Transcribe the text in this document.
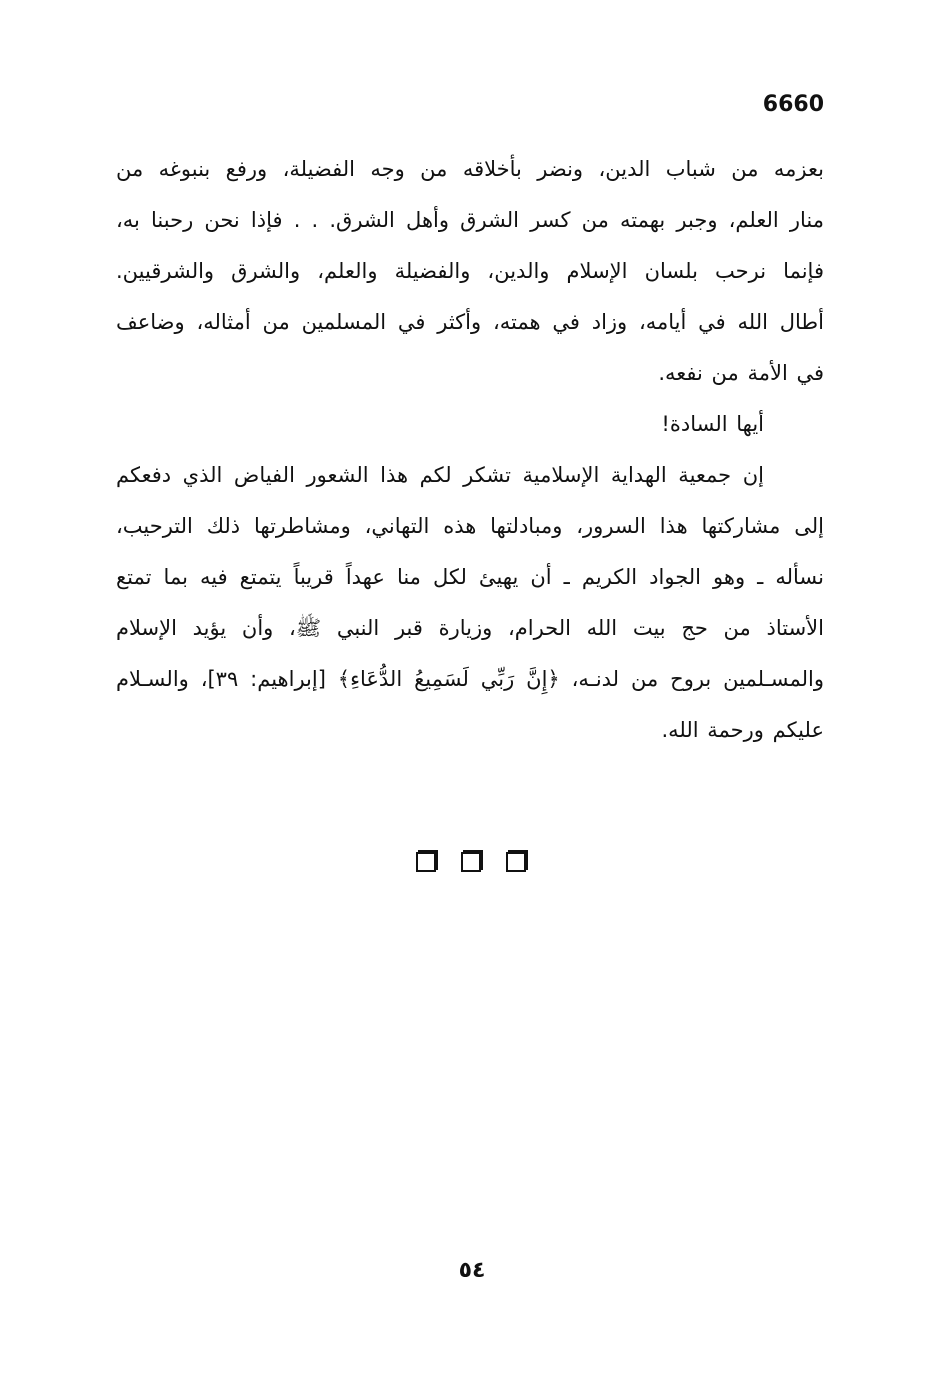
6660
بعزمه من شباب الدين، ونضر بأخلاقه من وجه الفضيلة، ورفع بنبوغه من
منار العلم، وجبر بهمته من كسر الشرق وأهل الشرق. . . فإذا نحن رحبنا به،
فإنما نرحب بلسان الإسلام والدين، والفضيلة والعلم، والشرق والشرقيين.
أطال الله في أيامه، وزاد في همته، وأكثر في المسلمين من أمثاله، وضاعف
في الأمة من نفعه.
أيها السادة!
إن جمعية الهداية الإسلامية تشكر لكم هذا الشعور الفياض الذي دفعكم
إلى مشاركتها هذا السرور، ومبادلتها هذه التهاني، ومشاطرتها ذلك الترحيب،
نسأله ـ وهو الجواد الكريم ـ أن يهيئ لكل منا عهداً قريباً يتمتع فيه بما تمتع
الأستاذ من حج بيت الله الحرام، وزيارة قبر النبي ﷺ، وأن يؤيد الإسلام
والمسـلمين بروح من لدنـه، ﴿إِنَّ رَبِّي لَسَمِيعُ الدُّعَاءِ﴾ [إبراهيم: ٣٩]، والسـلام
عليكم ورحمة الله.
٥٤
